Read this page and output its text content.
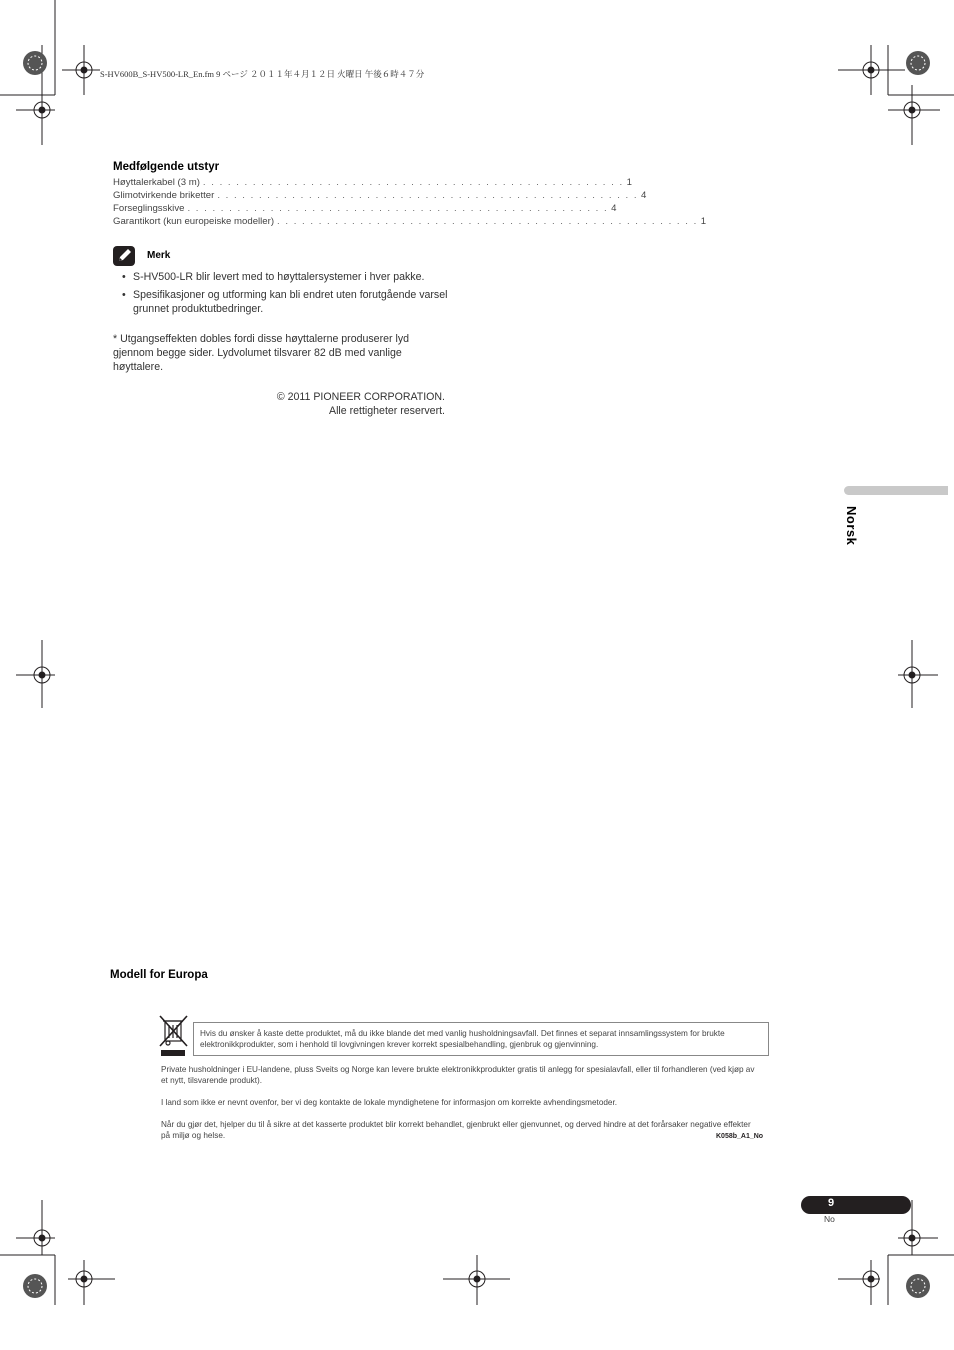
S-HV600B_S-HV500-LR_En.fm 9 ページ ２０１１年４月１２日 火曜日 午後６時４７分
Medfølgende utstyr
Høyttalerkabel (3 m) . . . . . . . . . . . . . . . . . . . . . . . . . . . . . . . . . . . . . . . . . . . . . . . . . . . 1
Glimotvirkende briketter . . . . . . . . . . . . . . . . . . . . . . . . . . . . . . . . . . . . . . . . . . . . . . . . . . . 4
Forseglingsskive . . . . . . . . . . . . . . . . . . . . . . . . . . . . . . . . . . . . . . . . . . . . . . . . . . . 4
Garantikort (kun europeiske modeller) . . . . . . . . . . . . . . . . . . . . . . . . . . . . . . . . . . . . . . . . . . . . . . . . . . . 1
Merk
• S-HV500-LR blir levert med to høyttalersystemer i hver pakke.
• Spesifikasjoner og utforming kan bli endret uten forutgående varsel grunnet produktutbedringer.
* Utgangseffekten dobles fordi disse høyttalerne produserer lyd gjennom begge sider. Lydvolumet tilsvarer 82 dB med vanlige høyttalere.
© 2011 PIONEER CORPORATION.
Alle rettigheter reservert.
Norsk
Modell for Europa
Hvis du ønsker å kaste dette produktet, må du ikke blande det med vanlig husholdningsavfall. Det finnes et separat innsamlingssystem for brukte elektronikkprodukter, som i henhold til lovgivningen krever korrekt spesialbehandling, gjenbruk og gjenvinning.
Private husholdninger i EU-landene, pluss Sveits og Norge kan levere brukte elektronikkprodukter gratis til anlegg for spesialavfall, eller til forhandleren (ved kjøp av et nytt, tilsvarende produkt).
I land som ikke er nevnt ovenfor, ber vi deg kontakte de lokale myndighetene for informasjon om korrekte avhendingsmetoder.
Når du gjør det, hjelper du til å sikre at det kasserte produktet blir korrekt behandlet, gjenbrukt eller gjenvunnet, og derved hindre at det forårsaker negative effekter på miljø og helse.	K058b_A1_No
9
No
